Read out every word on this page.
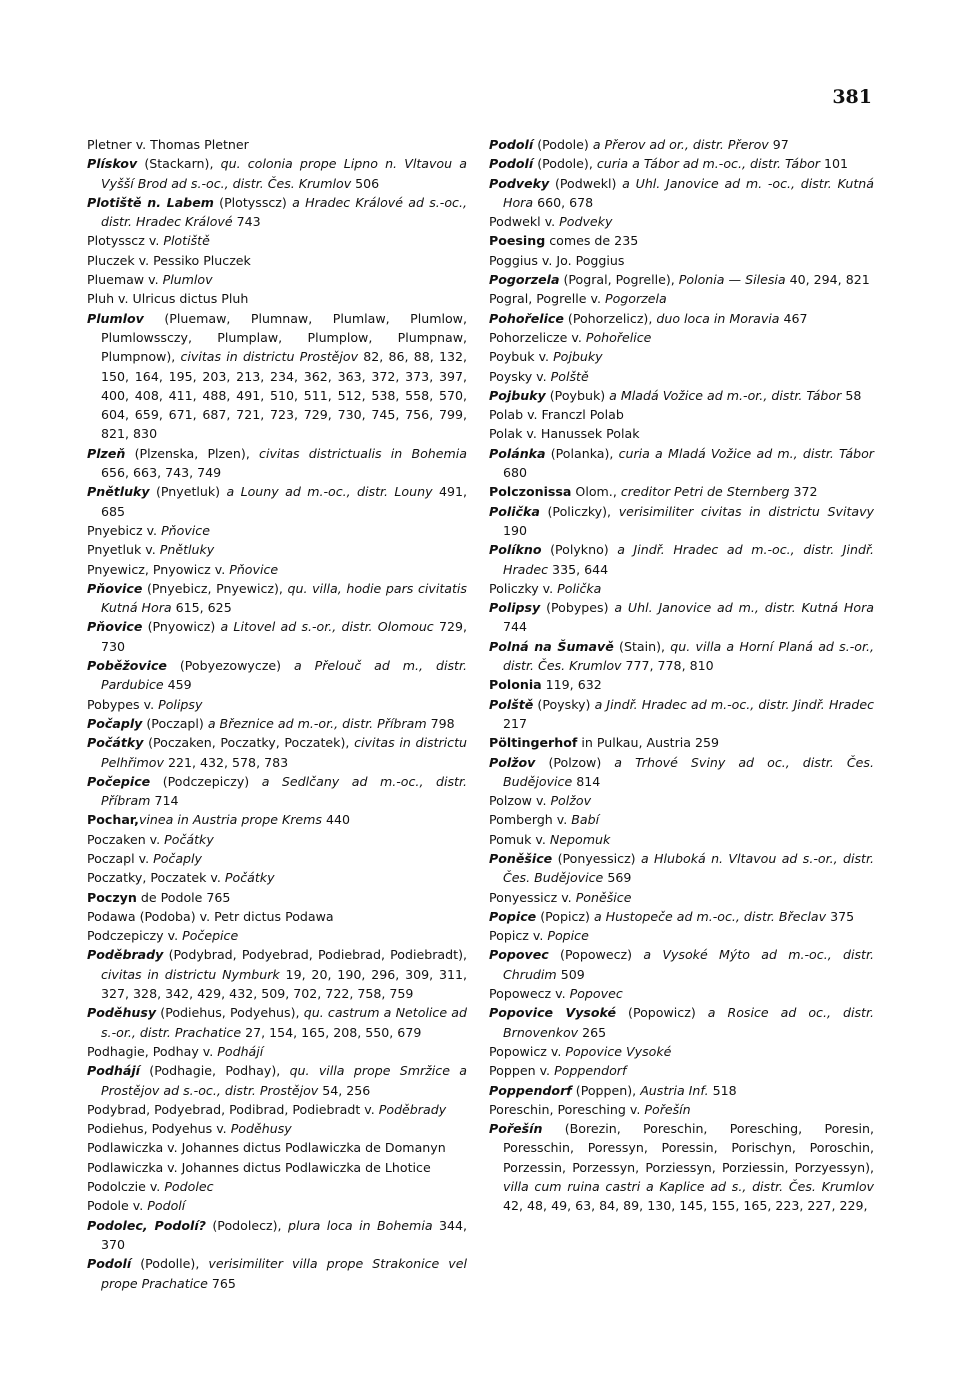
381
Pletner v. Thomas Pletner
Plískov (Stackarn), qu. colonia prope Lipno n. Vltavou a Vyšší Brod ad s.-oc., distr. Čes. Krumlov 506
Plotiště n. Labem (Plotysscz) a Hradec Králové ad s.-oc., distr. Hradec Králové 743
Plotysscz v. Plotiště
Pluczek v. Pessiko Pluczek
Pluemaw v. Plumlov
Pluh v. Ulricus dictus Pluh
Plumlov (Pluemaw, Plumnaw, Plumlaw, Plumlow, Plumlowssczy, Plumplaw, Plumplow, Plumpnaw, Plumpnow), civitas in districtu Prostějov 82, 86, 88, 132, 150, 164, 195, 203, 213, 234, 362, 363, 372, 373, 397, 400, 408, 411, 488, 491, 510, 511, 512, 538, 558, 570, 604, 659, 671, 687, 721, 723, 729, 730, 745, 756, 799, 821, 830
Plzeň (Plzenska, Plzen), civitas districtualis in Bohemia 656, 663, 743, 749
Pnětluky (Pnyetluk) a Louny ad m.-oc., distr. Louny 491, 685
Pnyebicz v. Pňovice
Pnyetluk v. Pnětluky
Pnyewicz, Pnyowicz v. Pňovice
Pňovice (Pnyebicz, Pnyewicz), qu. villa, hodie pars civitatis Kutná Hora 615, 625
Pňovice (Pnyowicz) a Litovel ad s.-or., distr. Olomouc 729, 730
Poběžovice (Pobyezowycze) a Přelouč ad m., distr. Pardubice 459
Pobypes v. Polipsy
Počaply (Poczapl) a Březnice ad m.-or., distr. Příbram 798
Počátky (Poczaken, Poczatky, Poczatek), civitas in districtu Pelhřimov 221, 432, 578, 783
Počepice (Podczepiczy) a Sedlčany ad m.-oc., distr. Příbram 714
Pochar,vinea in Austria prope Krems 440
Poczaken v. Počátky
Poczapl v. Počaply
Poczatky, Poczatek v. Počátky
Poczyn de Podole 765
Podawa (Podoba) v. Petr dictus Podawa
Podczepiczy v. Počepice
Poděbrady (Podybrad, Podyebrad, Podiebrad, Podiebradt), civitas in districtu Nymburk 19, 20, 190, 296, 309, 311, 327, 328, 342, 429, 432, 509, 702, 722, 758, 759
Poděhusy (Podiehus, Podyehus), qu. castrum a Netolice ad s.-or., distr. Prachatice 27, 154, 165, 208, 550, 679
Podhagie, Podhay v. Podhájí
Podhájí (Podhagie, Podhay), qu. villa prope Smržice a Prostějov ad s.-oc., distr. Prostějov 54, 256
Podybrad, Podyebrad, Podibrad, Podiebradt v. Poděbrady
Podiehus, Podyehus v. Poděhusy
Podlawiczka v. Johannes dictus Podlawiczka de Domanyn
Podlawiczka v. Johannes dictus Podlawiczka de Lhotice
Podolczie v. Podolec
Podole v. Podolí
Podolec, Podolí? (Podolecz), plura loca in Bohemia 344, 370
Podolí (Podolle), verisimiliter villa prope Strakonice vel prope Prachatice 765
Podolí (Podole) a Přerov ad or., distr. Přerov 97
Podolí (Podole), curia a Tábor ad m.-oc., distr. Tábor 101
Podveky (Podwekl) a Uhl. Janovice ad m. -oc., distr. Kutná Hora 660, 678
Podwekl v. Podveky
Poesing comes de 235
Poggius v. Jo. Poggius
Pogorzela (Pogral, Pogrelle), Polonia — Silesia 40, 294, 821
Pogral, Pogrelle v. Pogorzela
Pohořelice (Pohorzelicz), duo loca in Moravia 467
Pohorzelicze v. Pohořelice
Poybuk v. Pojbuky
Poysky v. Polště
Pojbuky (Poybuk) a Mladá Vožice ad m.-or., distr. Tábor 58
Polab v. Franczl Polab
Polak v. Hanussek Polak
Polánka (Polanka), curia a Mladá Vožice ad m., distr. Tábor 680
Polczonissa Olom., creditor Petri de Sternberg 372
Polička (Policzky), verisimiliter civitas in districtu Svitavy 190
Políkno (Polykno) a Jindř. Hradec ad m.-oc., distr. Jindř. Hradec 335, 644
Policzky v. Polička
Polipsy (Pobypes) a Uhl. Janovice ad m., distr. Kutná Hora 744
Polná na Šumavě (Stain), qu. villa a Horní Planá ad s.-or., distr. Čes. Krumlov 777, 778, 810
Polonia 119, 632
Polště (Poysky) a Jindř. Hradec ad m.-oc., distr. Jindř. Hradec 217
Pöltingerhof in Pulkau, Austria 259
Polžov (Polzow) a Trhové Sviny ad oc., distr. Čes. Budějovice 814
Polzow v. Polžov
Pombergh v. Babí
Pomuk v. Nepomuk
Poněšice (Ponyessicz) a Hluboká n. Vltavou ad s.-or., distr. Čes. Budějovice 569
Ponyessicz v. Poněšice
Popice (Popicz) a Hustopeče ad m.-oc., distr. Břeclav 375
Popicz v. Popice
Popovec (Popowecz) a Vysoké Mýto ad m.-oc., distr. Chrudim 509
Popowecz v. Popovec
Popovice Vysoké (Popowicz) a Rosice ad oc., distr. Brnovenkov 265
Popowicz v. Popovice Vysoké
Poppen v. Poppendorf
Poppendorf (Poppen), Austria Inf. 518
Poreschin, Poresching v. Pořešín
Pořešín (Borezin, Poreschin, Poresching, Poresin, Poresschin, Poressyn, Poressin, Porischyn, Poroschin, Porzessin, Porzessyn, Porziessyn, Porziessin, Porzyessyn), villa cum ruina castri a Kaplice ad s., distr. Čes. Krumlov 42, 48, 49, 63, 84, 89, 130, 145, 155, 165, 223, 227, 229,
